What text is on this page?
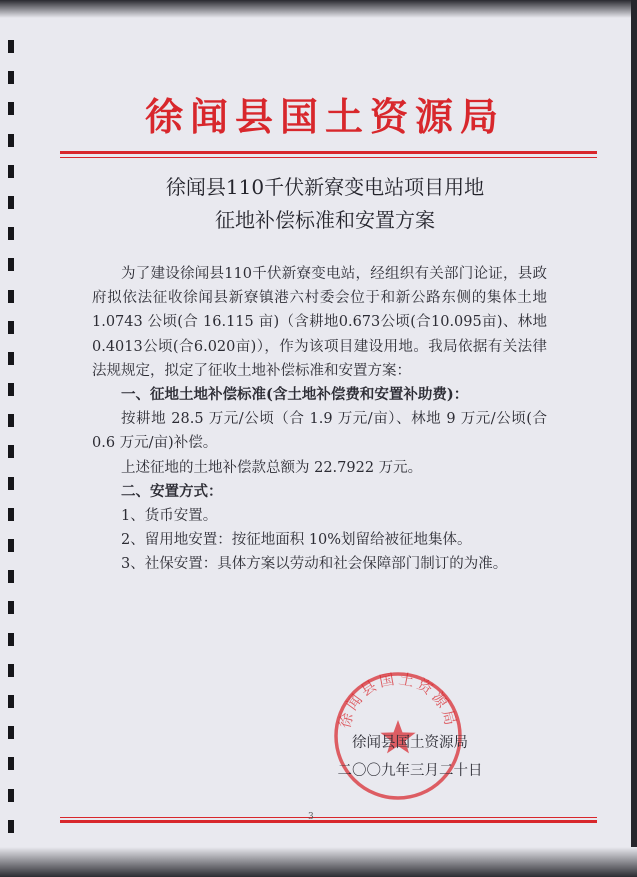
徐闻县国土资源局
徐闻县110千伏新寮变电站项目用地
征地补偿标准和安置方案

为了建设徐闻县110千伏新寮变电站，经组织有关部门论证，县政府拟依法征收徐闻县新寮镇港六村委会位于和新公路东侧的集体土地 1.0743 公顷(合 16.115 亩)（含耕地0.673公顷(合10.095亩)、林地0.4013公顷(合6.020亩)），作为该项目建设用地。我局依据有关法律法规规定，拟定了征收土地补偿标准和安置方案：

一、征地土地补偿标准(含土地补偿费和安置补助费)：

按耕地 28.5 万元/公顷（合 1.9 万元/亩）、林地 9 万元/公顷(合 0.6 万元/亩)补偿。

上述征地的土地补偿款总额为 22.7922 万元。

二、安置方式：

1、货币安置。

2、留用地安置：按征地面积 10%划留给被征地集体。

3、社保安置：具体方案以劳动和社会保障部门制订的为准。

徐闻县国土资源局
徐闻县国土资源局
二〇〇九年三月二十日
3
